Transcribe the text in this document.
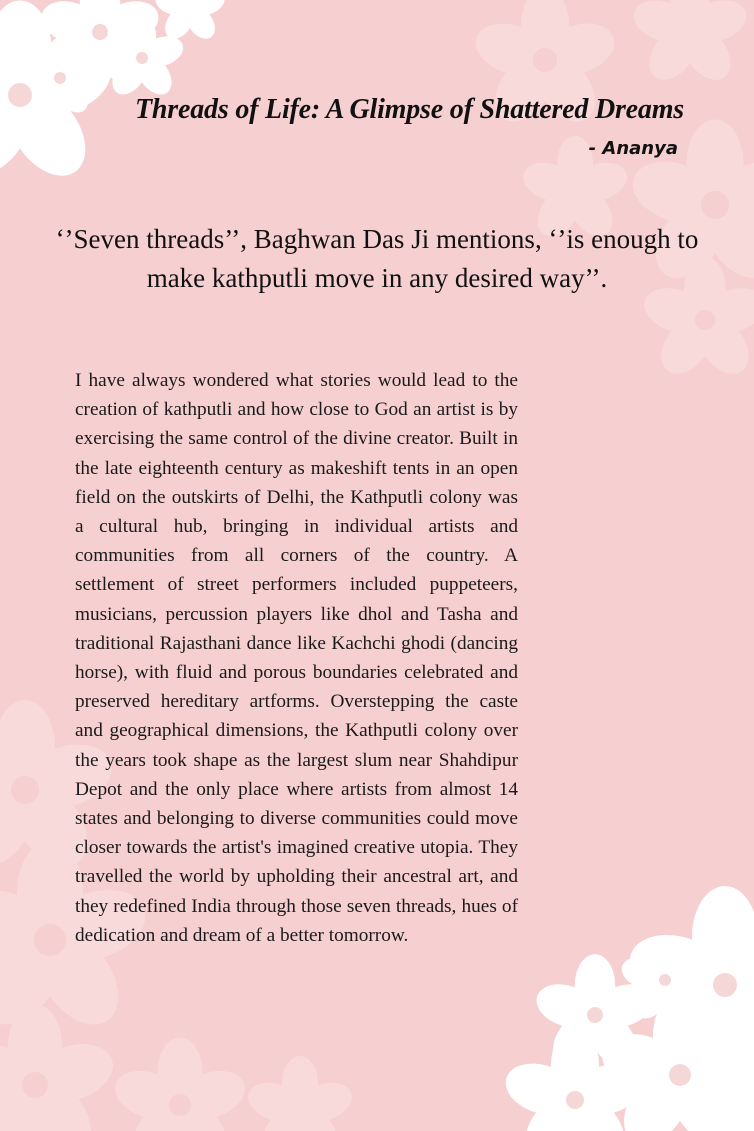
Threads of Life: A Glimpse of Shattered Dreams
- Ananya

‘’Seven threads’’, Baghwan Das Ji mentions, ‘’is enough to make kathputli move in any desired way’’.

I have always wondered what stories would lead to the creation of kathputli and how close to God an artist is by exercising the same control of the divine creator. Built in the late eighteenth century as makeshift tents in an open field on the outskirts of Delhi, the Kathputli colony was a cultural hub, bringing in individual artists and communities from all corners of the country. A settlement of street performers included puppeteers, musicians, percussion players like dhol and Tasha and traditional Rajasthani dance like Kachchi ghodi (dancing horse), with fluid and porous boundaries celebrated and preserved hereditary artforms. Overstepping the caste and geographical dimensions, the Kathputli colony over the years took shape as the largest slum near Shahdipur Depot and the only place where artists from almost 14 states and belonging to diverse communities could move closer towards the artist's imagined creative utopia. They travelled the world by upholding their ancestral art, and they redefined India through those seven threads, hues of dedication and dream of a better tomorrow.
